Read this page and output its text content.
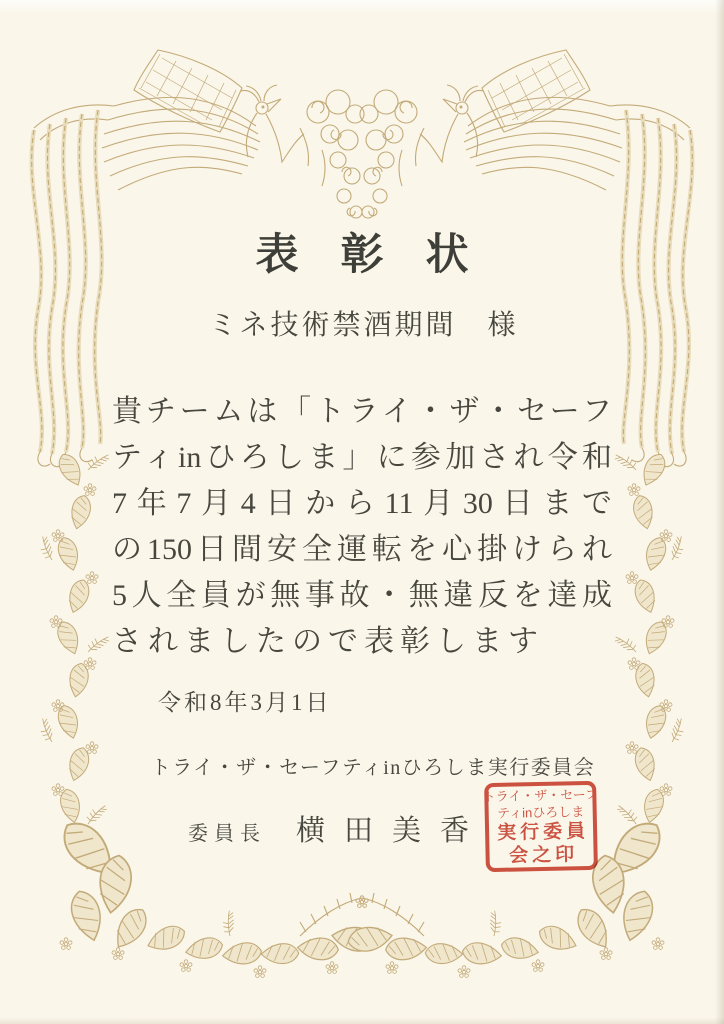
表彰状
ミネ技術禁酒期間　様
貴チームは「トライ・ザ・セーフ
ティinひろしま」に参加され令和
7年7月4日から11月30日まで
の150日間安全運転を心掛けられ
5人全員が無事故・無違反を達成
されましたので表彰します
令和8年3月1日
トライ・ザ・セーフティinひろしま実行委員会
委員長 横田美香
トライ・ザ・セーフ
ティinひろしま
実行委員
会之印
